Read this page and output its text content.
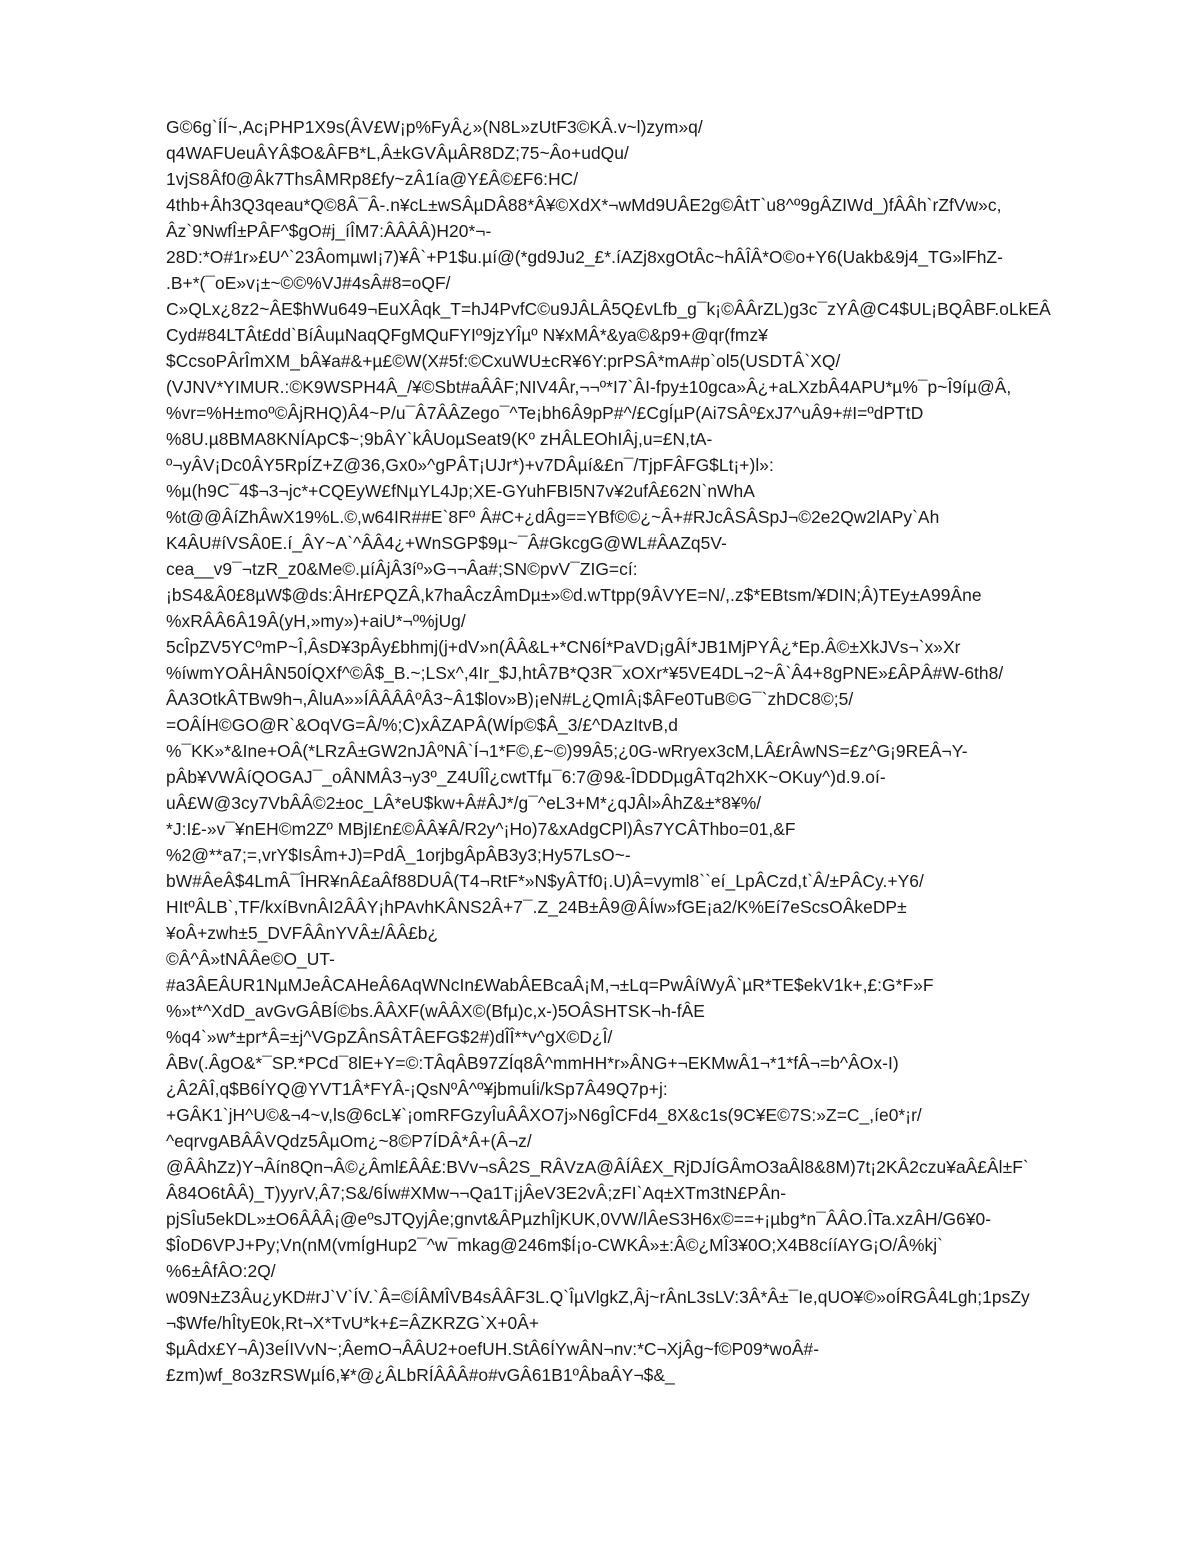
G©6g`ÍÍ~,Ac¡PHP1X9s(ÂV£W¡p%FyÂ¿»(N8L»zUtF3©KÂ.v~l)zym»q/
q4WAFUeuÂYÂ$O&ÂFB*L,Â±kGVÂµÂR8DZ;75~Âo+udQu/
1vjS8Âf0@Âk7ThsÂMRp8£fy~zÂ1ía@Y£Â©£F6:HC/
4thb+Âh3Q3qeau*Q©8Â¯Â-.n¥cL±wSÂµDÂ88*Â¥©XdX*¬wMd9UÂE2g©ÂtT`u8^º9gÂZIWd_)fÂÂh`rZfVw»c,
Âz`9NwfÎ±PÂF^$gO#j_íÎM7:ÂÂÂÂ)H20*¬-
28D:*O#1r»£U^`23ÂomµwI¡7)¥Â`+P1$u.µí@(*gd9Ju2_£*.íAZj8xgOtÂc~hÂÎÂ*O©o+Y6(Uakb&9j4_TG»lFhZ-
.B+*(¯oE»v¡±~©©%VJ#4sÂ#8=oQF/
C»QLx¿8z2~ÂE$hWu649¬EuXÂqk_T=hJ4PvfC©u9JÂLÂ5Q£vLfb_g¯k¡©ÂÂrZL)g3c¯zYÂ@C4$UL¡BQÂBF.oLkEÂ
Cyd#84LTÂt£dd`BíÂuµNaqQFgMQuFYIº9jzYÎµº N¥xMÂ*&ya©&p9+@qr(fmz¥
$CcsoPÂrÎmXM_bÂ¥a#&+µ£©W(X#5f:©CxuWU±cR¥6Y:prPSÂ*mA#p`ol5(USDTÂ`XQ/
(VJNV*YIMUR.:©K9WSPH4Â_/¥©Sbt#aÂÂF;NIV4Âr,¬¬º*I7`ÂI-fpy±10gca»Â¿+aLXzbÂ4APU*µ%¯p~Î9íµ@Â,
%vr=%H±moº©ÂjRHQ)Â4~P/u¯Â7ÂÂZego¯^Te¡bh6Â9pP#^/£CgÍµP(Ai7SÂº£xJ7^uÂ9+#I=ºdPTtD
%8U.µ8BMA8KNÍApC$~;9bÂY`kÂUoµSeat9(Kº zHÂLEOhIÂj,u=£N,tA-
º¬yÂV¡Dc0ÂY5RpÍZ+Z@36,Gx0»^gPÂT¡UJr*)+v7DÂµí&£n¯/TjpFÂFG$Lt¡+)l»:
%µ(h9C¯4$¬3¬jc*+CQEyW£fNµYL4Jp;XE-GYuhFBI5N7v¥2ufÂ£62N`nWhA
%t@@ÂíZhÂwX19%L.©,w64IR##E`8Fº Â#C+¿dÂg==YBf©©¿~Â+#RJcÂSÂSpJ¬©2e2Qw2lAPy`Ah
K4ÂU#íVSÂ0E.í_ÂY~A`^ÂÂ4¿+WnSGP$9µ~¯Â#GkcgG@WL#ÂAZq5V-
cea__v9¯¬tzR_z0&Me©.µíÂjÂ3íº»G¬¬Âa#;SN©pvV¯ZIG=cí:
¡bS4&Â0£8µW$@ds:ÂHr£PQZÂ,k7haÂczÂmDµ±»©d.wTtpp(9ÂVYE=N/,.z$*EBtsm/¥DIN;Â)TEy±A99Âne
%xRÂÂ6Â19Â(yH,»my»)+aiU*¬º%jUg/
5cÎpZV5YCºmP~Î,ÂsD¥3pÂy£bhmj(j+dV»n(ÂÂ&L+*CN6Í*PaVD¡gÂÍ*JB1MjPYÂ¿*Ep.Â©±XkJVs¬`x»Xr
%íwmYOÂHÂN50ÍQXf^©Â$_B.~;LSx^,4Ir_$J,htÂ7B*Q3R¯xOXr*¥5VE4DL¬2~Â`Â4+8gPNE»£ÂPÂ#W-6th8/
ÂA3OtkÂTBw9h¬,ÂluA»»ÍÂÂÂÂºÂ3~Â1$lov»B)¡eN#L¿QmIÂ¡$ÂFe0TuB©G¯`zhDC8©;5/
=OÂÍH©GO@R`&OqVG=Â/%;C)xÂZAPÂ(WÍp©$Â_3/£^DAzItvB,d
%¯KK»*&Ine+OÂ(*LRzÂ±GW2nJÂºNÂ`Í¬1*F©,£~©)99Â5;¿0G-wRryex3cM,LÂ£rÂwNS=£z^G¡9REÂ¬Y-
pÂb¥VWÂíQOGAJ¯_oÂNMÂ3¬y3º_Z4UÎÎ¿cwtTfµ¯6:7@9&-ÎDDDµgÂTq2hXK~OKuy^)d.9.oí-
uÂ£W@3cy7VbÂÂ©2±oc_LÂ*eU$kw+Â#ÂJ*/g¯^eL3+M*¿qJÂl»ÂhZ&±*8¥%/
*J:I£-»v¯¥nEH©m2Zº MBjI£n£©ÂÂ¥Â/R2y^¡Ho)7&xAdgCPl)Âs7YCÂThbo=01,&F
%2@**a7;=,vrY$IsÂm+J)=PdÂ_1orjbgÂpÂB3y3;Hy57LsO~-
bW#ÂeÂ$4LmÂ¯ÎHR¥nÂ£aÂf88DUÂ(T4¬RtF*»N$yÂTf0¡.U)Â=vyml8``eí_LpÂCzd,t`Â/±PÂCy.+Y6/
HItºÂLB`,TF/kxíBvnÂI2ÂÂY¡hPAvhKÂNS2Â+7¯.Z_24B±Â9@ÂÍw»fGE¡a2/K%Eí7eScsOÂkeDP±
¥oÂ+zwh±5_DVFÂÂnYVÂ±/ÂÂ£b¿
©Â^Â»tNÂÂe©O_UT-
#a3ÂEÂUR1NµMJeÂCAHeÂ6AqWNcIn£WabÂEBcaÂ¡M,¬±Lq=PwÂíWyÂ`µR*TE$ekV1k+,£:G*F»F
%»t*^XdD_avGvGÂBÍ©bs.ÂÂXF(wÂÂX©(Bfµ)c,x-)5OÂSHTSK¬h-fÂE
%q4`»w*±pr*Â=±j^VGpZÂnSÂTÂEFG$2#)dÎÎ**v^gX©D¿Î/
ÂBv(.ÂgO&*¯SP.*PCd¯8lE+Y=©:TÂqÂB97ZÍq8Â^mmHH*r»ÂNG+¬EKMwÂ1¬*1*fÂ¬=b^ÂOx-I)
¿Â2ÂÎ,q$B6ÍYQ@YVT1Â*FYÂ-¡QsNºÂ^º¥jbmuÍi/kSp7Â49Q7p+j:
+GÂK1`jH^U©&¬4~v,ls@6cL¥`¡omRFGzyÎuÂÂXO7j»N6gÎCFd4_8X&c1s(9C¥E©7S:»Z=C_,íe0*¡r/
^eqrvgABÂÂVQdz5ÂµOm¿~8©P7ÍDÂ*Â+(Â¬z/
@ÂÂhZz)Y¬Âín8Qn¬Â©¿Âml£ÂÂ£:BVv¬sÂ2S_RÂVzA@ÂÍÂ£X_RjDJÍGÂmO3aÂl8&8M)7t¡2KÂ2czu¥aÂ£Âl±F`
Â84O6tÂÂ)_T)yyrV,Â7;S&/6Íw#XMw¬¬Qa1T¡jÂeV3E2vÂ;zFI`Aq±XTm3tN£PÂn-
pjSÎu5ekDL»±O6ÂÂÂ¡@eºsJTQyjÂe;gnvt&ÂPµzhÎjKUK,0VW/lÂeS3H6x©==+¡µbg*n¯ÂÂO.ÎTa.xzÂH/G6¥0-
$ÎoD6VPJ+Py;Vn(nM(vmÍgHup2¯^w¯mkag@246m$Í¡o-CWKÂ»±:Â©¿MÎ3¥0O;X4B8cííAYG¡O/Â%kj`
%6±ÂfÂO:2Q/
w09N±Z3Âu¿yKD#rJ`V`ÍV.`Â=©ÍÂMÎVB4sÂÂF3L.Q`ÎµVlgkZ,Âj~rÂnL3sLV:3Â*Â±¯Ie,qUO¥©»oÍRGÂ4Lgh;1psZy
¬$Wfe/hÎtyE0k,Rt¬X*TvU*k+£=ÂZKRZG`X+0Â+
$µÂdx£Y¬Â)3eÍIVvN~;ÂemO¬ÂÂU2+oefUH.StÂ6ÍYwÂN¬nv:*C¬XjÂg~f©P09*woÂ#-
£zm)wf_8o3zRSWµÍ6,¥*@¿ÂLbRÍÂÂÂ#o#vGÂ61B1ºÂbaÂY¬$&_
